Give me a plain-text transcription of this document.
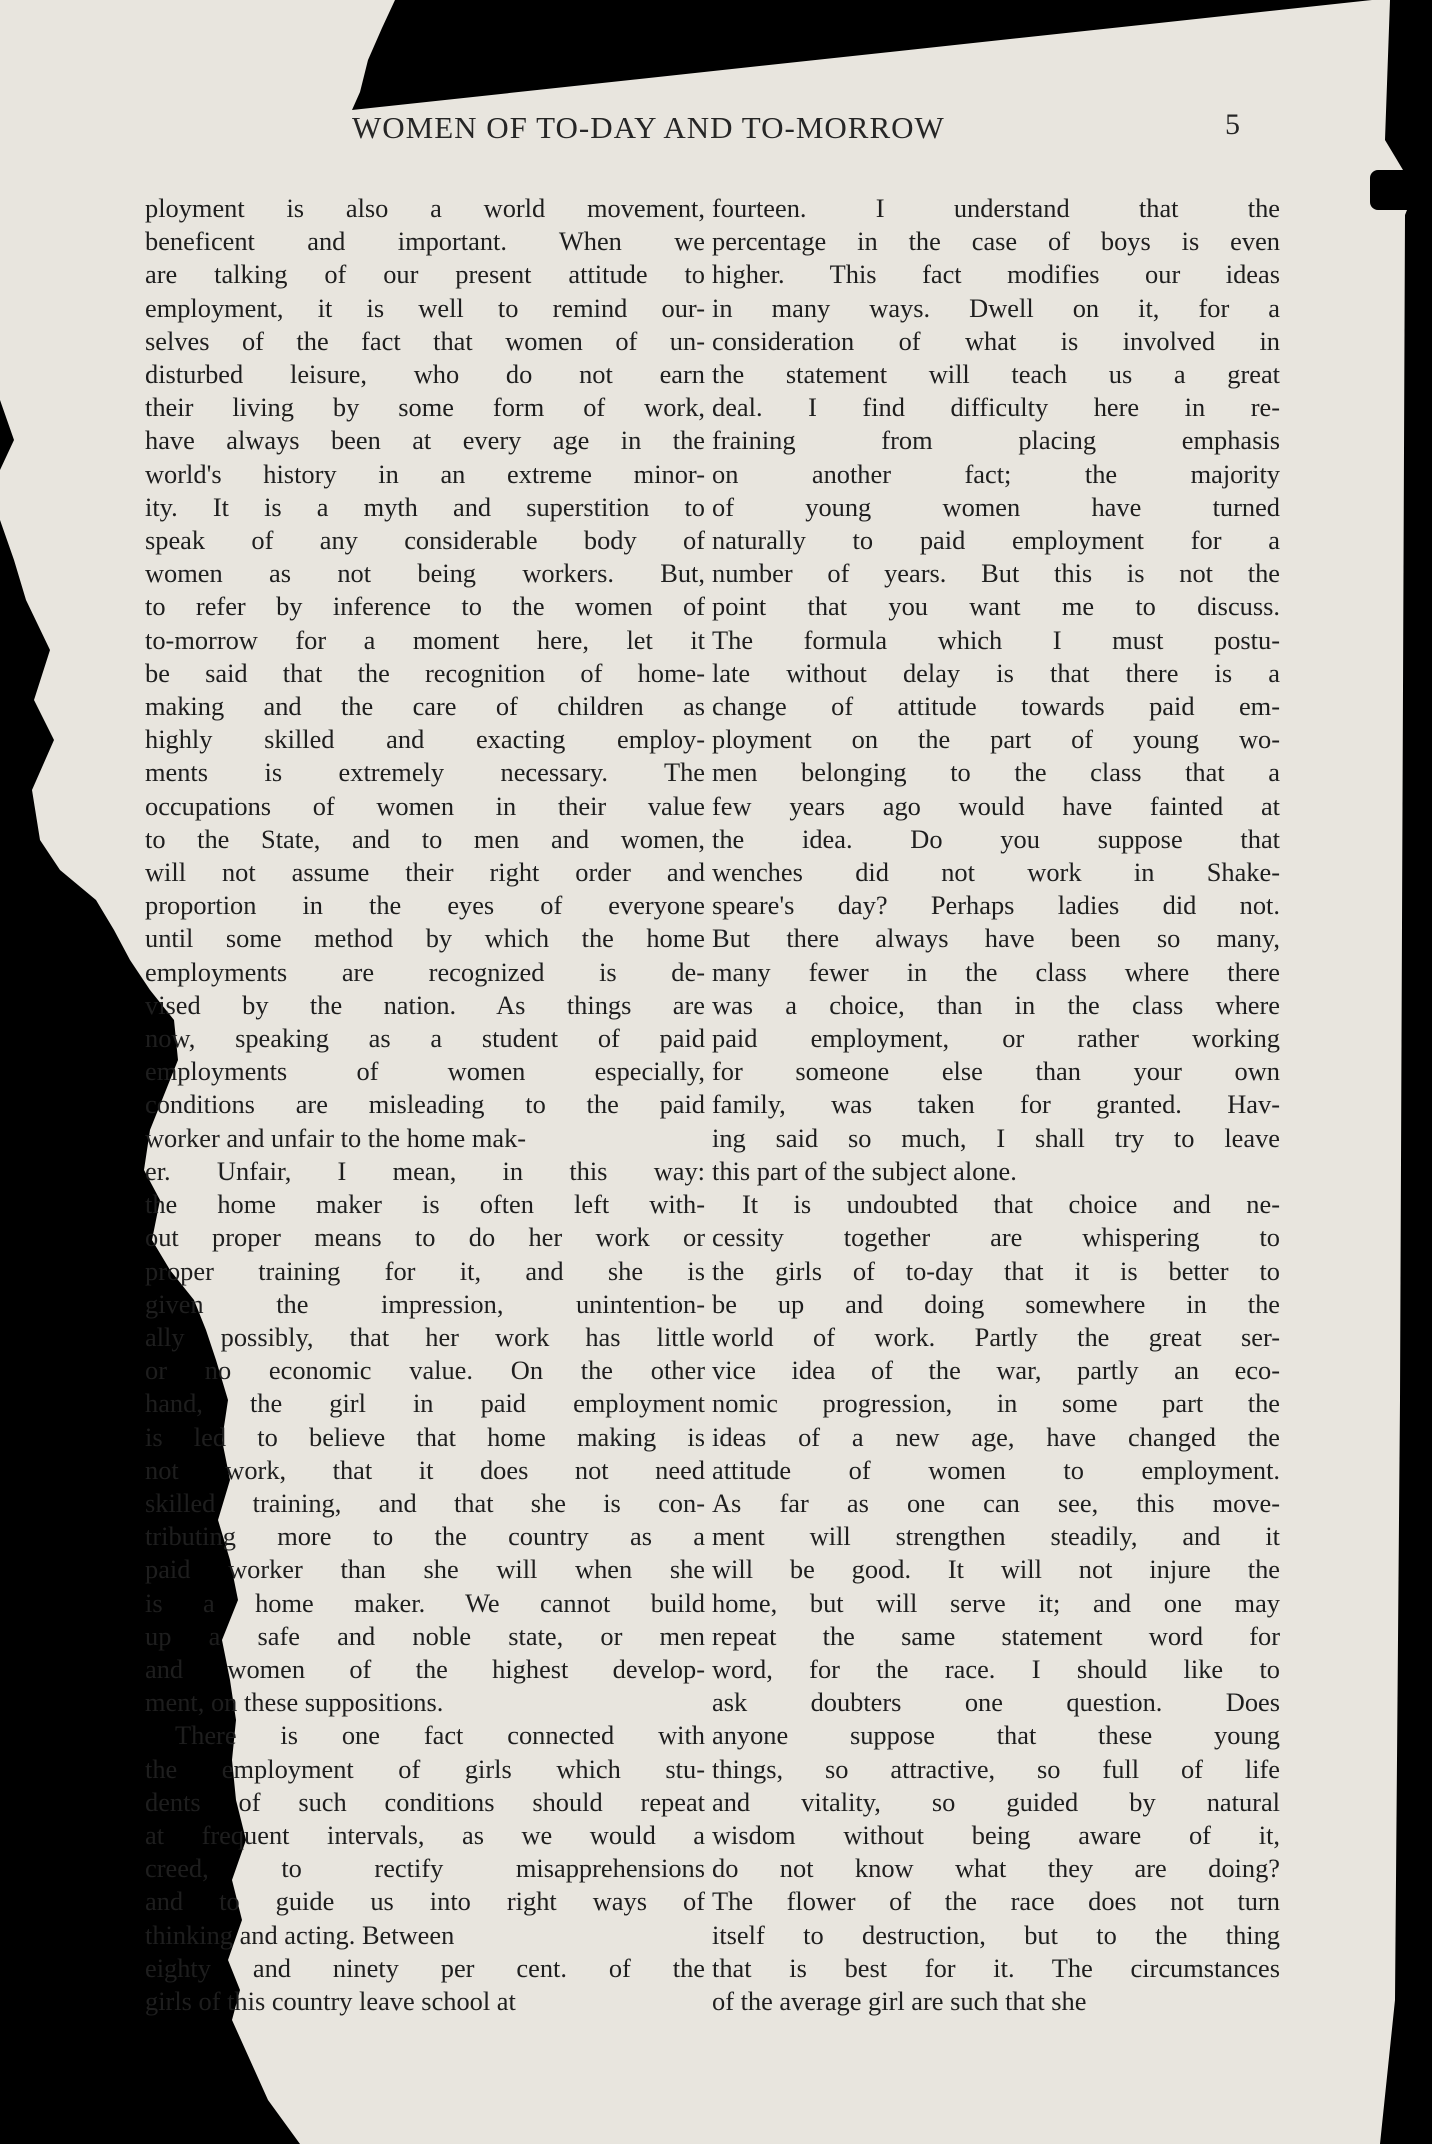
WOMEN OF TO-DAY AND TO-MORROW	5

ployment is also a world movement,

beneficent and important. When we

are talking of our present attitude to

employment, it is well to remind our-

selves of the fact that women of un-

disturbed leisure, who do not earn

their living by some form of work,

have always been at every age in the

world's history in an extreme minor-

ity. It is a myth and superstition to

speak of any considerable body of

women as not being workers. But,

to refer by inference to the women of

to-morrow for a moment here, let it

be said that the recognition of home-

making and the care of children as

highly skilled and exacting employ-

ments is extremely necessary. The

occupations of women in their value

to the State, and to men and women,

will not assume their right order and

proportion in the eyes of everyone

until some method by which the home

employments are recognized is de-

vised by the nation. As things are

now, speaking as a student of paid

employments of women especially,

conditions are misleading to the paid

worker and unfair to the home mak-

er. Unfair, I mean, in this way:

the home maker is often left with-

out proper means to do her work or

proper training for it, and she is

given the impression, unintention-

ally possibly, that her work has little

or no economic value. On the other

hand, the girl in paid employment

is led to believe that home making is

not work, that it does not need

skilled training, and that she is con-

tributing more to the country as a

paid worker than she will when she

is a home maker. We cannot build

up a safe and noble state, or men

and women of the highest develop-

ment, on these suppositions.

There is one fact connected with

the employment of girls which stu-

dents of such conditions should repeat

at frequent intervals, as we would a

creed, to rectify misapprehensions

and to guide us into right ways of

thinking and acting. Between

eighty and ninety per cent. of the

girls of this country leave school at

fourteen. I understand that the

percentage in the case of boys is even

higher. This fact modifies our ideas

in many ways. Dwell on it, for a

consideration of what is involved in

the statement will teach us a great

deal. I find difficulty here in re-

fraining from placing emphasis

on another fact; the majority

of young women have turned

naturally to paid employment for a

number of years. But this is not the

point that you want me to discuss.

The formula which I must postu-

late without delay is that there is a

change of attitude towards paid em-

ployment on the part of young wo-

men belonging to the class that a

few years ago would have fainted at

the idea. Do you suppose that

wenches did not work in Shake-

speare's day? Perhaps ladies did not.

But there always have been so many,

many fewer in the class where there

was a choice, than in the class where

paid employment, or rather working

for someone else than your own

family, was taken for granted. Hav-

ing said so much, I shall try to leave

this part of the subject alone.

It is undoubted that choice and ne-

cessity together are whispering to

the girls of to-day that it is better to

be up and doing somewhere in the

world of work. Partly the great ser-

vice idea of the war, partly an eco-

nomic progression, in some part the

ideas of a new age, have changed the

attitude of women to employment.

As far as one can see, this move-

ment will strengthen steadily, and it

will be good. It will not injure the

home, but will serve it; and one may

repeat the same statement word for

word, for the race. I should like to

ask doubters one question. Does

anyone suppose that these young

things, so attractive, so full of life

and vitality, so guided by natural

wisdom without being aware of it,

do not know what they are doing?

The flower of the race does not turn

itself to destruction, but to the thing

that is best for it. The circumstances

of the average girl are such that she
